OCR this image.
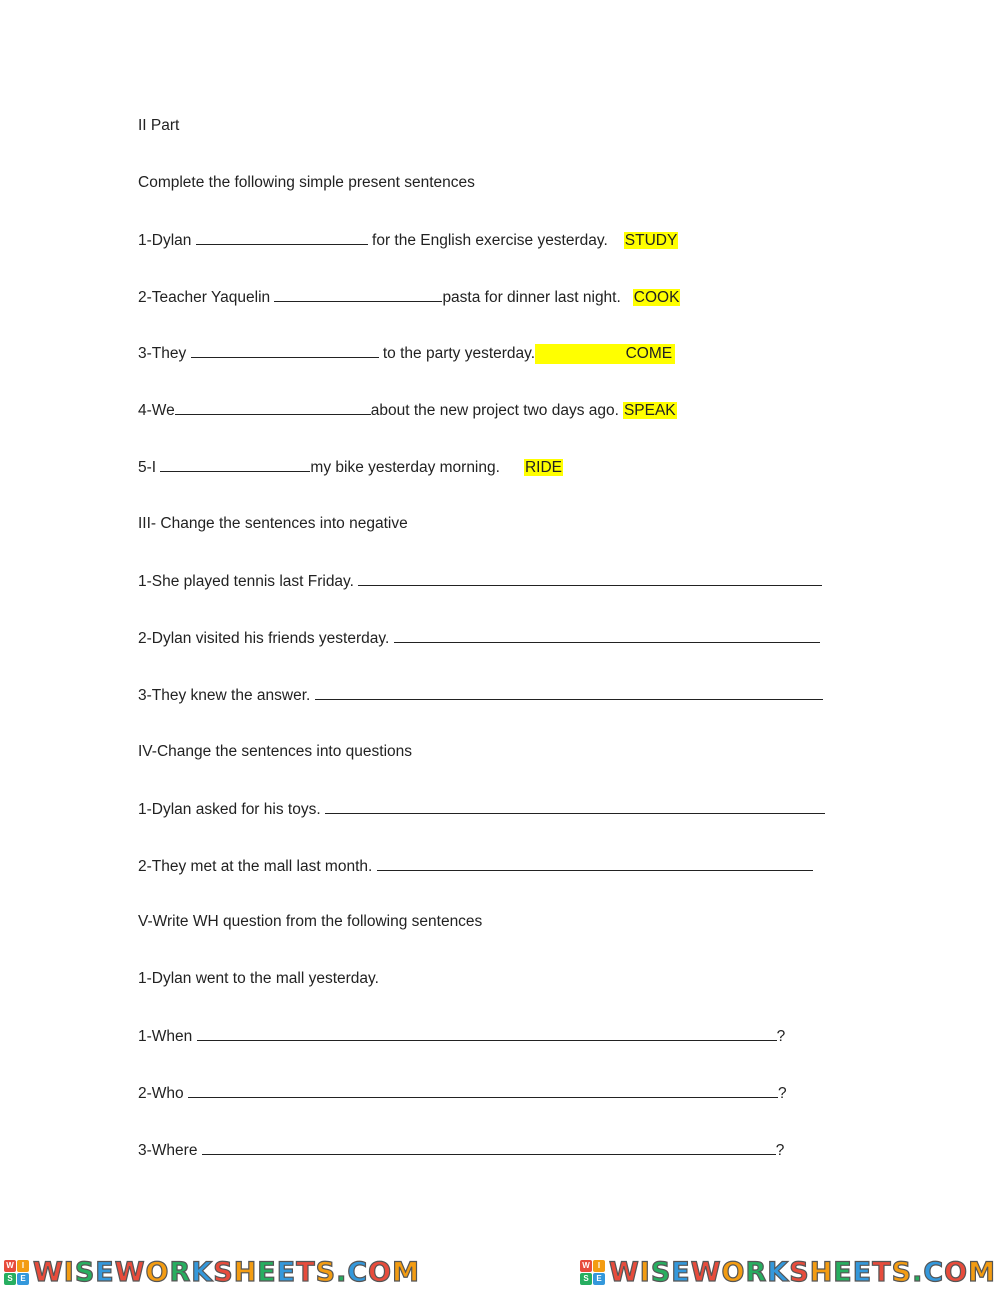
II Part
Complete the following simple present sentences
1-Dylan	for the English exercise yesterday. STUDY
2-Teacher Yaquelin	pasta for dinner last night. COOK
3-They	to the party yesterday.	COME
4-We	about the new project two days ago. SPEAK
5-I	my bike yesterday morning. RIDE
III- Change the sentences into negative
1-She played tennis last Friday.
2-Dylan visited his friends yesterday.
3-They knew the answer.
IV-Change the sentences into questions
1-Dylan asked for his toys.
2-They met at the mall last month.
V-Write WH question from the following sentences
1-Dylan went to the mall yesterday.
1-When	?
2-Who	?
3-Where	?
W	I
S E WISEWORKSHEETS.COM	W	I
S E WISEWORKSHEETS.COM
